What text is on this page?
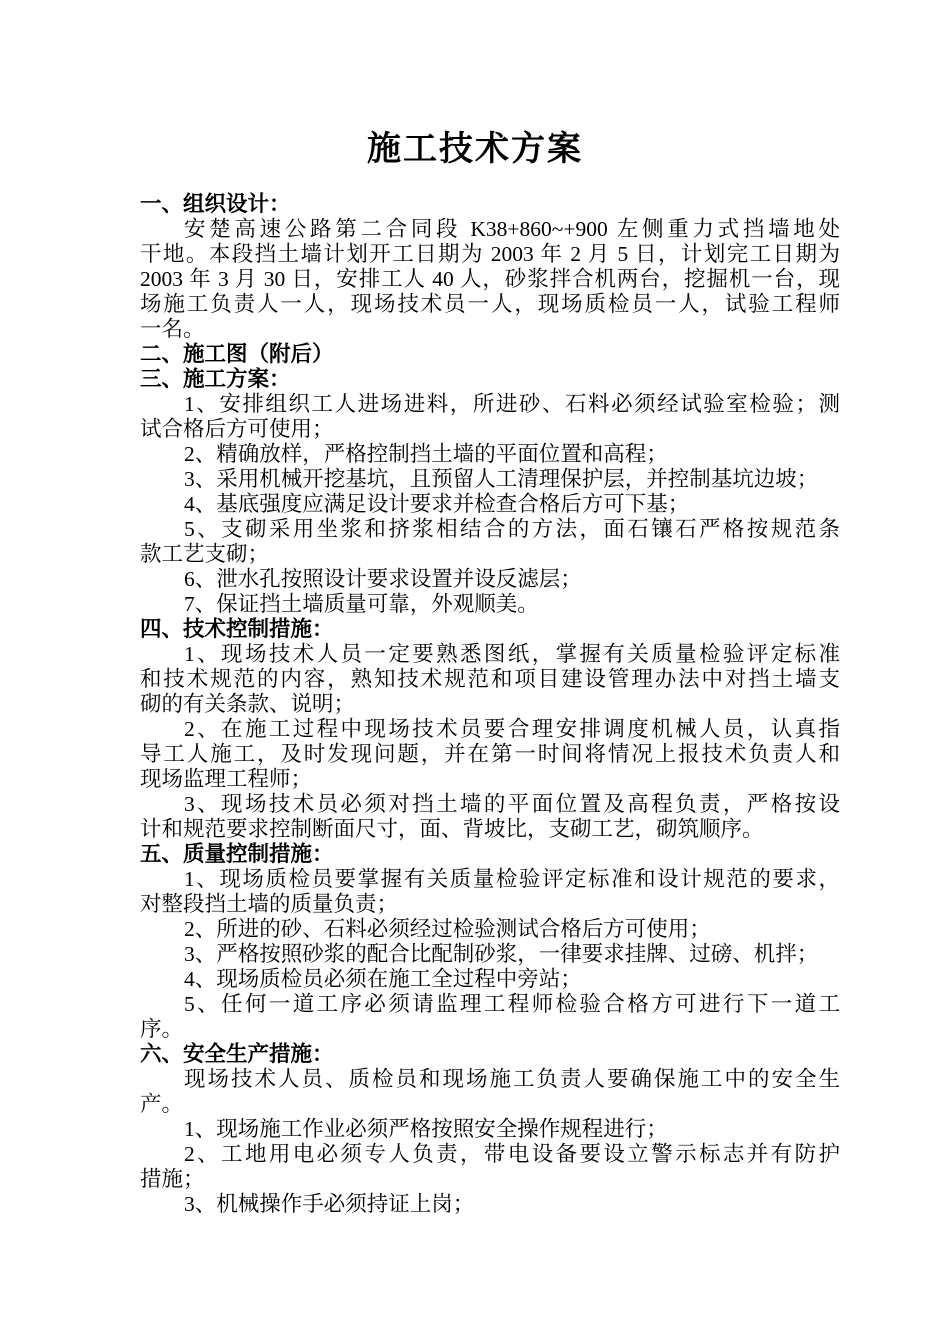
施工技术方案
一、组织设计：
安楚高速公路第二合同段 K38+860~+900 左侧重力式挡墙地处
干地。本段挡土墙计划开工日期为 2003 年 2 月 5 日，计划完工日期为
2003 年 3 月 30 日，安排工人 40 人，砂浆拌合机两台，挖掘机一台，现
场施工负责人一人，现场技术员一人，现场质检员一人，试验工程师
一名。
二、施工图（附后）
三、施工方案：
1、安排组织工人进场进料，所进砂、石料必须经试验室检验；测
试合格后方可使用；
2、精确放样，严格控制挡土墙的平面位置和高程；
3、采用机械开挖基坑，且预留人工清理保护层，并控制基坑边坡；
4、基底强度应满足设计要求并检查合格后方可下基；
5、支砌采用坐浆和挤浆相结合的方法，面石镶石严格按规范条
款工艺支砌；
6、泄水孔按照设计要求设置并设反滤层；
7、保证挡土墙质量可靠，外观顺美。
四、技术控制措施：
1、现场技术人员一定要熟悉图纸，掌握有关质量检验评定标准
和技术规范的内容，熟知技术规范和项目建设管理办法中对挡土墙支
砌的有关条款、说明；
2、在施工过程中现场技术员要合理安排调度机械人员，认真指
导工人施工，及时发现问题，并在第一时间将情况上报技术负责人和
现场监理工程师；
3、现场技术员必须对挡土墙的平面位置及高程负责，严格按设
计和规范要求控制断面尺寸，面、背坡比，支砌工艺，砌筑顺序。
五、质量控制措施：
1、现场质检员要掌握有关质量检验评定标准和设计规范的要求，
对整段挡土墙的质量负责；
2、所进的砂、石料必须经过检验测试合格后方可使用；
3、严格按照砂浆的配合比配制砂浆，一律要求挂牌、过磅、机拌；
4、现场质检员必须在施工全过程中旁站；
5、任何一道工序必须请监理工程师检验合格方可进行下一道工
序。
六、安全生产措施：
现场技术人员、质检员和现场施工负责人要确保施工中的安全生
产。
1、现场施工作业必须严格按照安全操作规程进行；
2、工地用电必须专人负责，带电设备要设立警示标志并有防护
措施；
3、机械操作手必须持证上岗；
